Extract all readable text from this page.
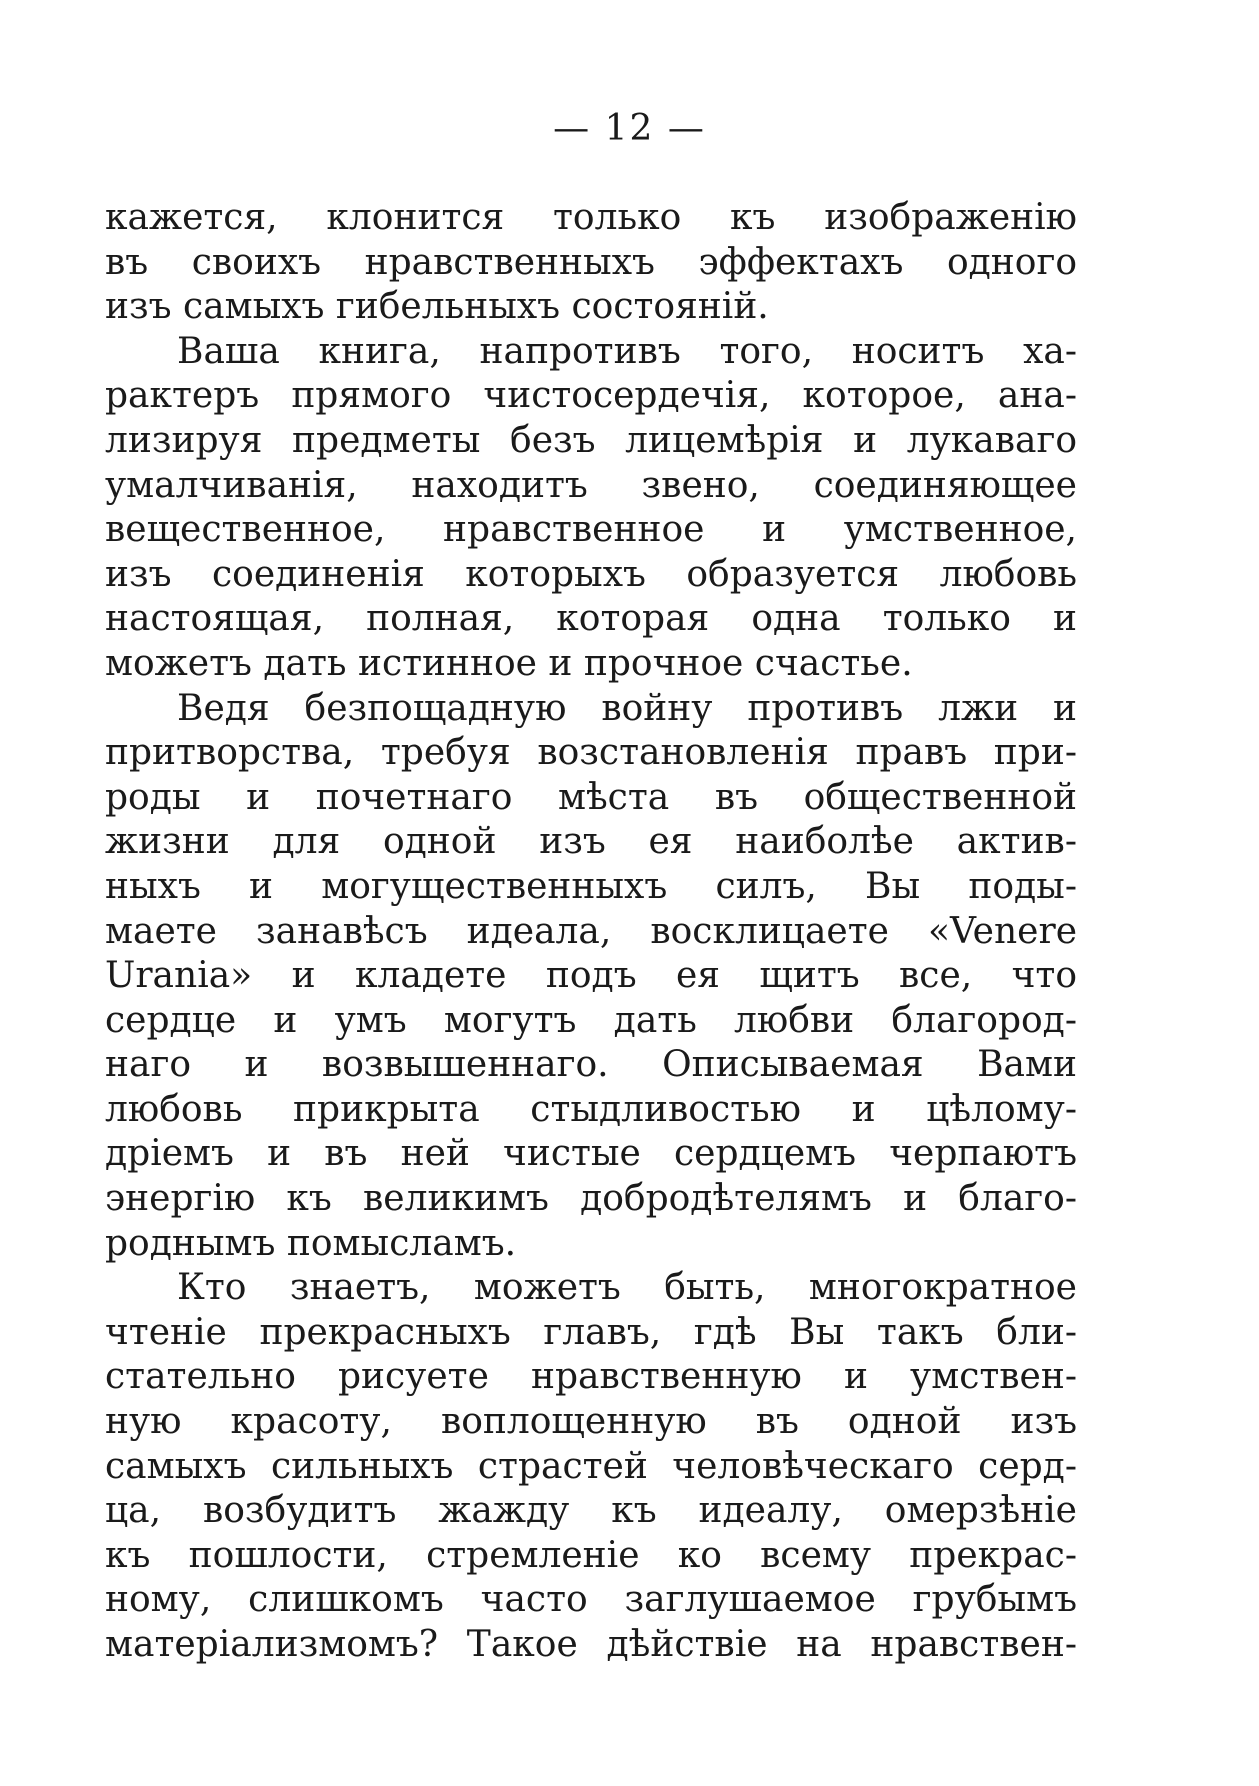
— 12 —
кажется, клонится только къ изображенію
въ своихъ нравственныхъ эффектахъ одного
изъ самыхъ гибельныхъ состояній.
Ваша книга, напротивъ того, носитъ ха-
рактеръ прямого чистосердечія, которое, ана-
лизируя предметы безъ лицемѣрія и лукаваго
умалчиванія, находитъ звено, соединяющее
вещественное, нравственное и умственное,
изъ соединенія которыхъ образуется любовь
настоящая, полная, которая одна только и
можетъ дать истинное и прочное счастье.
Ведя безпощадную войну противъ лжи и
притворства, требуя возстановленія правъ при-
роды и почетнаго мѣста въ общественной
жизни для одной изъ ея наиболѣе актив-
ныхъ и могущественныхъ силъ, Вы поды-
маете занавѣсъ идеала, восклицаете «Venere
Urania» и кладете подъ ея щитъ все, что
сердце и умъ могутъ дать любви благород-
наго и возвышеннаго. Описываемая Вами
любовь прикрыта стыдливостью и цѣлому-
дріемъ и въ ней чистые сердцемъ черпаютъ
энергію къ великимъ добродѣтелямъ и благо-
роднымъ помысламъ.
Кто знаетъ, можетъ быть, многократное
чтеніе прекрасныхъ главъ, гдѣ Вы такъ бли-
стательно рисуете нравственную и умствен-
ную красоту, воплощенную въ одной изъ
самыхъ сильныхъ страстей человѣческаго серд-
ца, возбудитъ жажду къ идеалу, омерзѣніе
къ пошлости, стремленіе ко всему прекрас-
ному, слишкомъ часто заглушаемое грубымъ
матеріализмомъ? Такое дѣйствіе на нравствен-
